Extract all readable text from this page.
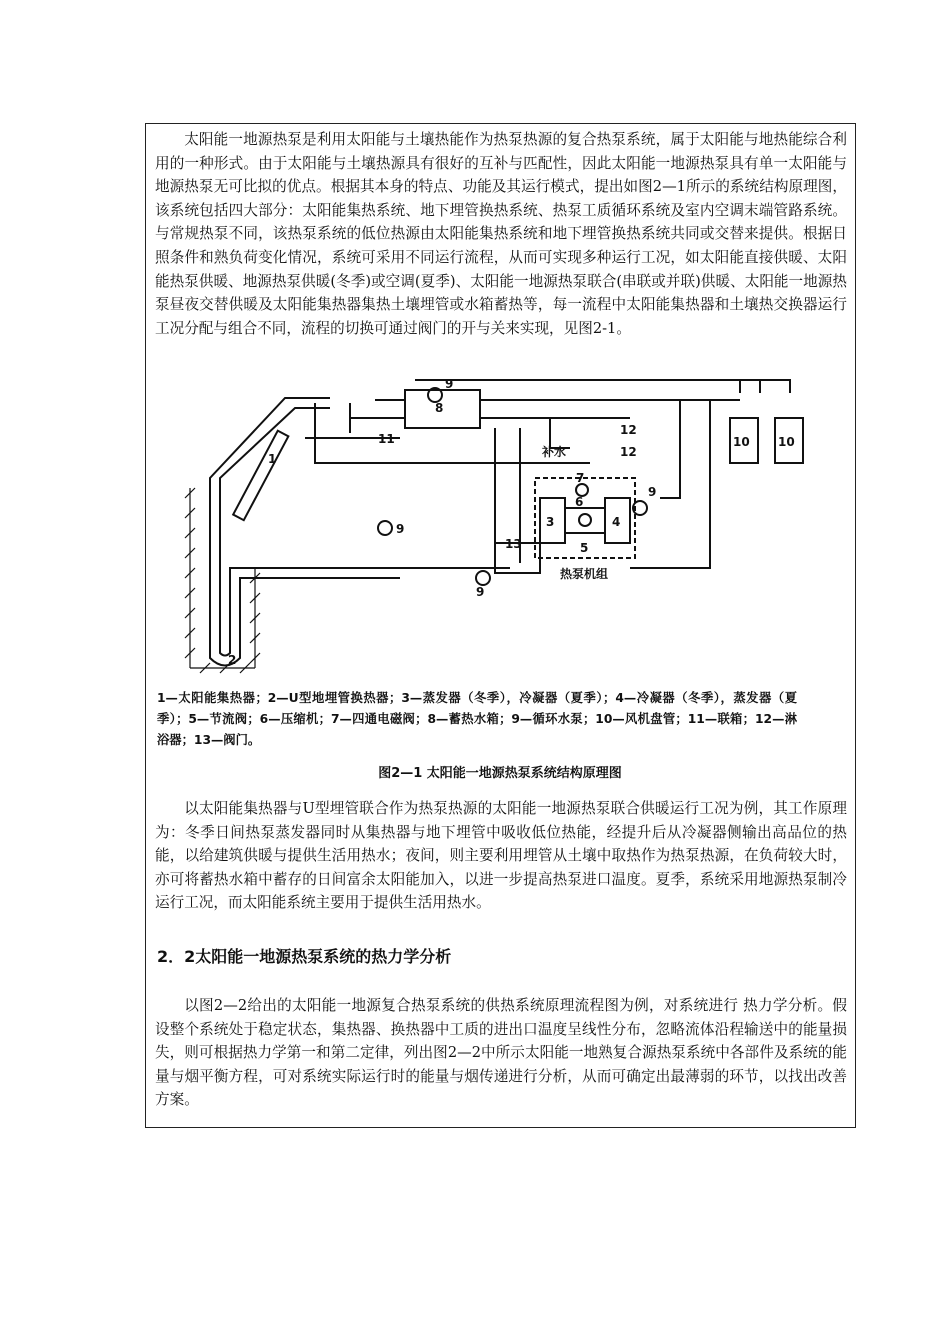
太阳能一地源热泵是利用太阳能与土壤热能作为热泵热源的复合热泵系统，属于太阳能与地热能综合利用的一种形式。由于太阳能与土壤热源具有很好的互补与匹配性，因此太阳能一地源热泵具有单一太阳能与地源热泵无可比拟的优点。根据其本身的特点、功能及其运行模式，提出如图2—1所示的系统结构原理图，该系统包括四大部分：太阳能集热系统、地下埋管换热系统、热泵工质循环系统及室内空调末端管路系统。与常规热泵不同，该热泵系统的低位热源由太阳能集热系统和地下埋管换热系统共同或交替来提供。根据日照条件和熟负荷变化情况，系统可采用不同运行流程，从而可实现多种运行工况，如太阳能直接供暖、太阳能热泵供暖、地源热泵供暖(冬季)或空调(夏季)、太阳能一地源热泵联合(串联或并联)供暖、太阳能一地源热泵昼夜交替供暖及太阳能集热器集热土壤埋管或水箱蓄热等，每一流程中太阳能集热器和土壤热交换器运行工况分配与组合不同，流程的切换可通过阀门的开与关来实现，见图2-1。

1
2
3	4
5
6
7
8
9
9
9
9
10 10
11
12
12
13
补水
热泵机组

1—太阳能集热器；2—U型地埋管换热器；3—蒸发器（冬季），冷凝器（夏季）；4—冷凝器（冬季），蒸发器（夏季）；5—节流阀；6—压缩机；7—四通电磁阀；8—蓄热水箱；9—循环水泵；10—风机盘管；11—联箱；12—淋浴器；13—阀门。

图2—1 太阳能一地源热泵系统结构原理图

以太阳能集热器与U型埋管联合作为热泵热源的太阳能一地源热泵联合供暖运行工况为例，其工作原理为：冬季日间热泵蒸发器同时从集热器与地下埋管中吸收低位热能，经提升后从冷凝器侧输出高品位的热能，以给建筑供暖与提供生活用热水；夜间，则主要利用埋管从土壤中取热作为热泵热源，在负荷较大时，亦可将蓄热水箱中蓄存的日间富余太阳能加入，以进一步提高热泵进口温度。夏季，系统采用地源热泵制冷运行工况，而太阳能系统主要用于提供生活用热水。

2．2太阳能一地源热泵系统的热力学分析

以图2—2给出的太阳能一地源复合热泵系统的供热系统原理流程图为例，对系统进行 热力学分析。假设整个系统处于稳定状态，集热器、换热器中工质的进出口温度呈线性分布，忽略流体沿程输送中的能量损失，则可根据热力学第一和第二定律，列出图2—2中所示太阳能一地熟复合源热泵系统中各部件及系统的能量与烟平衡方程，可对系统实际运行时的能量与烟传递进行分析，从而可确定出最薄弱的环节，以找出改善方案。
